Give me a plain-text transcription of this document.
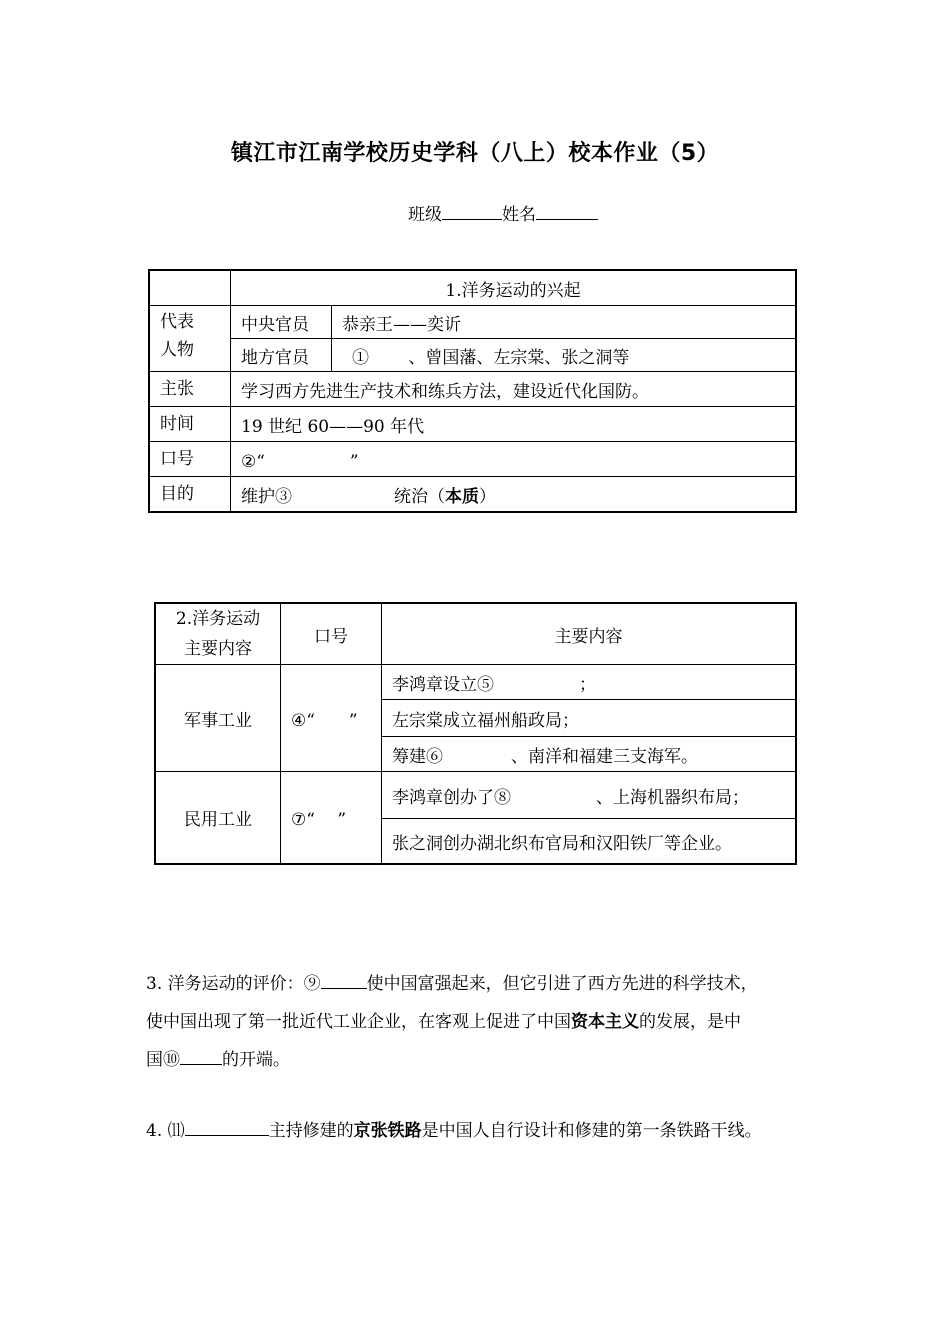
镇江市江南学校历史学科（八上）校本作业（5）
班级	姓名
	1.洋务运动的兴起

代表
人物

中央官员	恭亲王——奕䜣
地方官员	①　　 、曾国藩、左宗棠、张之洞等

主张	学习西方先进生产技术和练兵方法，建设近代化国防。
时间	19 世纪 60——90 年代
口号	②“　　　　　”
目的	维护③　　　　　　统治（本质）
2.洋务运动
主要内容	口号	主要内容
军事工业	④“　　”	李鸿章设立⑤　　　　　；
		左宗棠成立福州船政局；
		筹建⑥　　　　、南洋和福建三支海军。
民用工业	⑦“　 ”	李鸿章创办了⑧　　　　　、上海机器织布局；
		张之洞创办湖北织布官局和汉阳铁厂等企业。
3. 洋务运动的评价：⑨	使中国富强起来，但它引进了西方先进的科学技术，
使中国出现了第一批近代工业企业，在客观上促进了中国资本主义的发展，是中
国⑩ 的开端。
4. ⑾	主持修建的京张铁路是中国人自行设计和修建的第一条铁路干线。
